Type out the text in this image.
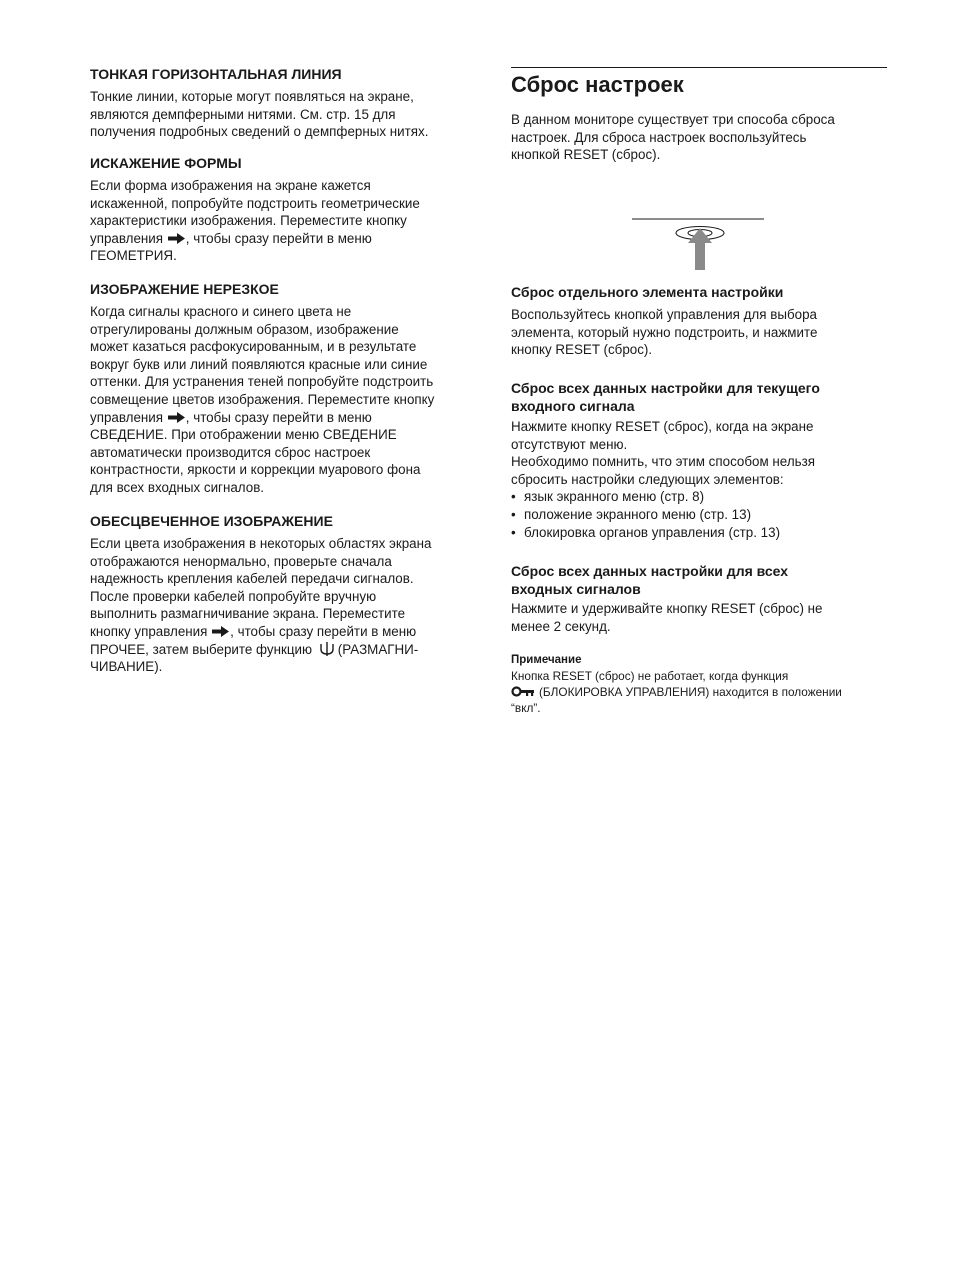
ТОНКАЯ ГОРИЗОНТАЛЬНАЯ ЛИНИЯ

Тонкие линии, которые могут появляться на экране,
являются демпферными нитями. См. стр. 15 для
получения подробных сведений о демпферных нитях.

ИСКАЖЕНИЕ ФОРМЫ

Если форма изображения на экране кажется
искаженной, попробуйте подстроить геометрические
характеристики изображения. Переместите кнопку
управления , чтобы сразу перейти в меню
ГЕОМЕТРИЯ.

ИЗОБРАЖЕНИЕ НЕРЕЗКОЕ

Когда сигналы красного и синего цвета не
отрегулированы должным образом, изображение
может казаться расфокусированным, и в результате
вокруг букв или линий появляются красные или синие
оттенки. Для устранения теней попробуйте подстроить
совмещение цветов изображения. Переместите кнопку
управления , чтобы сразу перейти в меню
СВЕДЕНИЕ. При отображении меню СВЕДЕНИЕ
автоматически производится сброс настроек
контрастности, яркости и коррекции муарового фона
для всех входных сигналов.

ОБЕСЦВЕЧЕННОЕ ИЗОБРАЖЕНИЕ

Если цвета изображения в некоторых областях экрана
отображаются ненормально, проверьте сначала
надежность крепления кабелей передачи сигналов.
После проверки кабелей попробуйте вручную
выполнить размагничивание экрана. Переместите
кнопку управления , чтобы сразу перейти в меню
ПРОЧЕЕ, затем выберите функцию (РАЗМАГНИ-
ЧИВАНИЕ).

Сброс настроек

В данном мониторе существует три способа сброса
настроек. Для сброса настроек воспользуйтесь
кнопкой RESET (сброс).

Сброс отдельного элемента настройки

Воспользуйтесь кнопкой управления для выбора
элемента, который нужно подстроить, и нажмите
кнопку RESET (сброс).

Сброс всех данных настройки для текущего
входного сигнала

Нажмите кнопку RESET (сброс), когда на экране
отсутствуют меню.
Необходимо помнить, что этим способом нельзя
сбросить настройки следующих элементов:
• язык экранного меню (стр. 8)
• положение экранного меню (стр. 13)
• блокировка органов управления (стр. 13)

Сброс всех данных настройки для всех
входных сигналов

Нажмите и удерживайте кнопку RESET (сброс) не
менее 2 секунд.

Примечание

Кнопка RESET (сброс) не работает, когда функция
(БЛОКИРОВКА УПРАВЛЕНИЯ) находится в положении
“вкл”.
